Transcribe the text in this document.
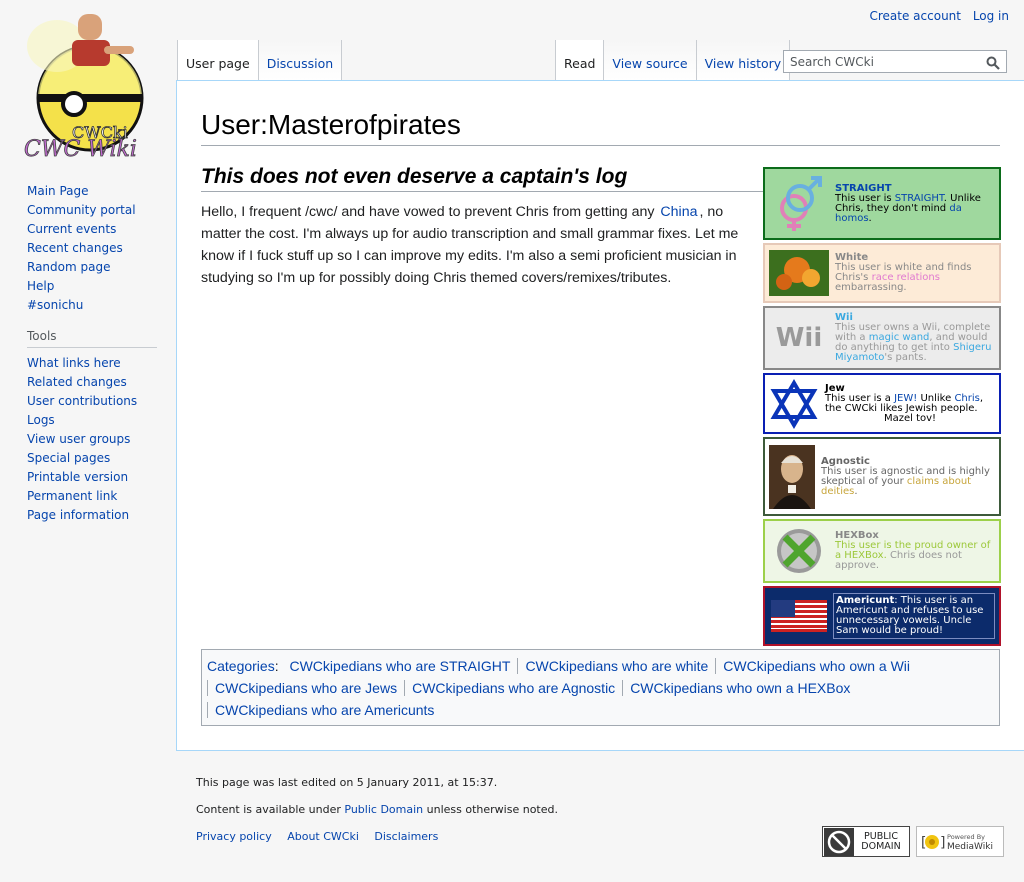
CWCki
CWC Wiki
Create account Log in
User page	Discussion	Read	View source	View history
Search CWCki
Main Page
Community portal
Current events
Recent changes
Random page
Help
#sonichu
Tools
What links here
Related changes
User contributions
Logs
View user groups
Special pages
Printable version
Permanent link
Page information
User:Masterofpirates
This does not even deserve a captain's log

Hello, I frequent /cwc/ and have vowed to prevent Chris from getting any China , no matter the cost. I'm always up for audio transcription and small grammar fixes. Let me know if I fuck stuff up so I can improve my edits. I'm also a semi proficient musician in studying so I'm up for possibly doing Chris themed covers/remixes/tributes.

STRAIGHT
This user is STRAIGHT. Unlike Chris, they don't mind da homos.
White
This user is white and finds Chris's race relations embarrassing.
Wii
Wii
This user owns a Wii, complete with a magic wand, and would do anything to get into Shigeru Miyamoto's pants.
Jew
This user is a JEW! Unlike Chris, the CWCki likes Jewish people.

Mazel tov!
Agnostic
This user is agnostic and is highly skeptical of your claims about deities.
HEXBox
This user is the proud owner of a HEXBox. Chris does not approve.
Americunt: This user is an Americunt and refuses to use unnecessary vowels. Uncle Sam would be proud!
Categories: CWCkipedians who are STRAIGHT CWCkipedians who are white CWCkipedians who own a Wii
CWCkipedians who are Jews CWCkipedians who are Agnostic CWCkipedians who own a HEXBox
CWCkipedians who are Americunts

This page was last edited on 5 January 2011, at 15:37.

Content is available under Public Domain unless otherwise noted.

Privacy policy About CWCki Disclaimers	PUBLIC DOMAIN	[ ] Powered By
MediaWiki
